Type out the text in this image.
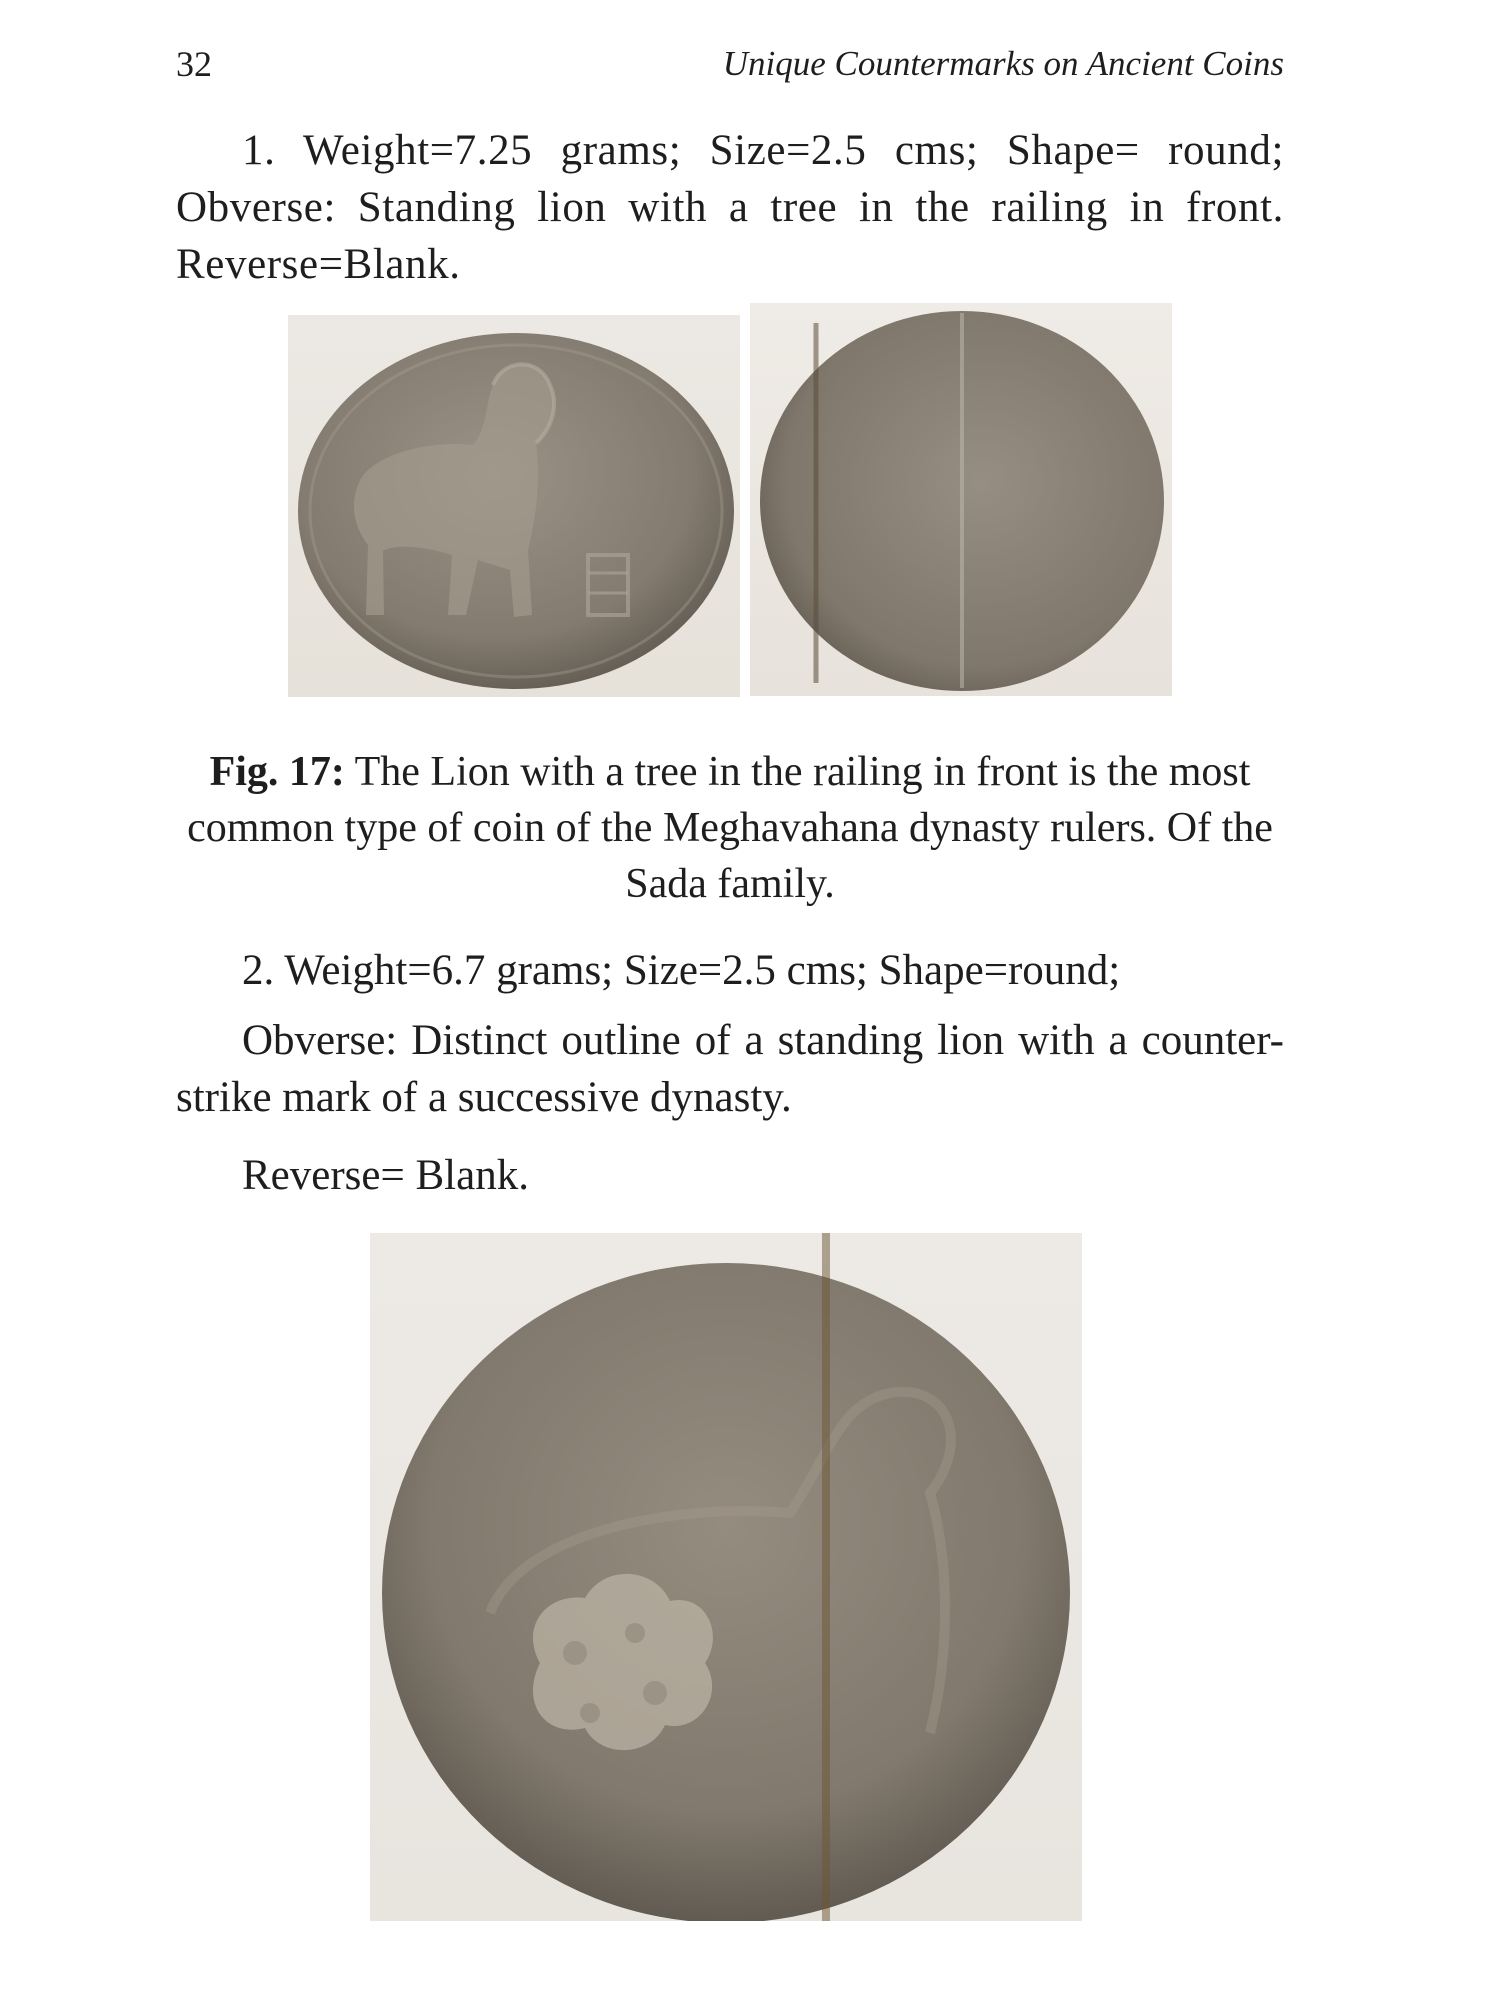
32	Unique Countermarks on Ancient Coins

1. Weight=7.25 grams; Size=2.5 cms; Shape= round; Obverse: Standing lion with a tree in the railing in front. Reverse=Blank.

Fig. 17: The Lion with a tree in the railing in front is the most common type of coin of the Meghavahana dynasty rulers. Of the Sada family.

2. Weight=6.7 grams; Size=2.5 cms; Shape=round;

Obverse: Distinct outline of a standing lion with a counter-strike mark of a successive dynasty.

Reverse= Blank.
